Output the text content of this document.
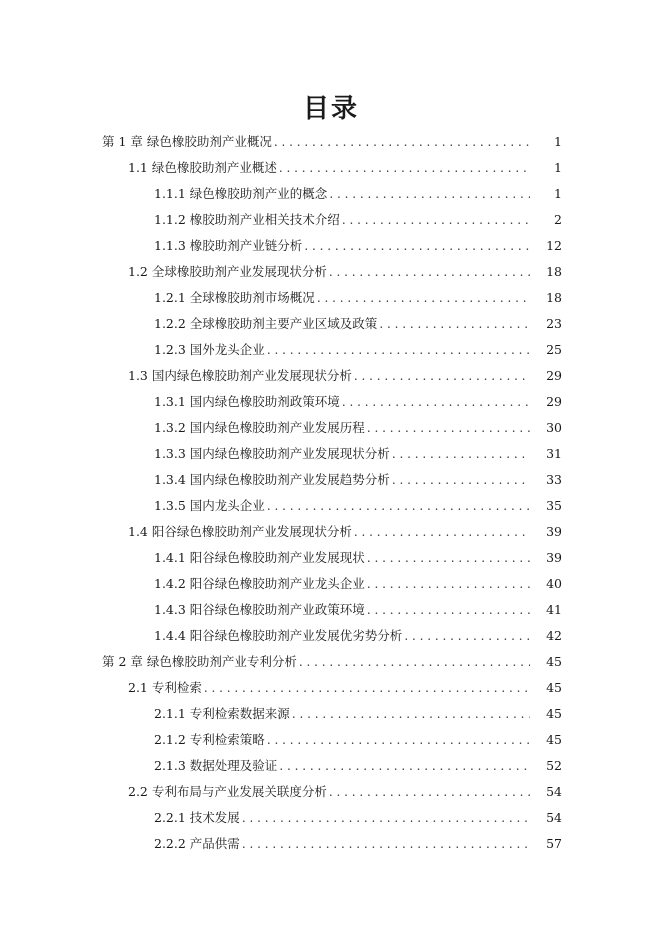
目录
第 1 章 绿色橡胶助剂产业概况 . . .	1
1.1 绿色橡胶助剂产业概述 . . .	1
1.1.1 绿色橡胶助剂产业的概念 . . .	1
1.1.2 橡胶助剂产业相关技术介绍 . . .	2
1.1.3 橡胶助剂产业链分析 . . .	12
1.2 全球橡胶助剂产业发展现状分析 . . .	18
1.2.1 全球橡胶助剂市场概况 . . .	18
1.2.2 全球橡胶助剂主要产业区域及政策 . . .	23
1.2.3 国外龙头企业 . . .	25
1.3 国内绿色橡胶助剂产业发展现状分析 . . .	29
1.3.1 国内绿色橡胶助剂政策环境 . . .	29
1.3.2 国内绿色橡胶助剂产业发展历程 . . .	30
1.3.3 国内绿色橡胶助剂产业发展现状分析 . . .	31
1.3.4 国内绿色橡胶助剂产业发展趋势分析 . . .	33
1.3.5 国内龙头企业 . . .	35
1.4 阳谷绿色橡胶助剂产业发展现状分析 . . .	39
1.4.1 阳谷绿色橡胶助剂产业发展现状 . . .	39
1.4.2 阳谷绿色橡胶助剂产业龙头企业 . . .	40
1.4.3 阳谷绿色橡胶助剂产业政策环境 . . .	41
1.4.4 阳谷绿色橡胶助剂产业发展优劣势分析 . . .	42
第 2 章 绿色橡胶助剂产业专利分析 . . .	45
2.1 专利检索 . . .	45
2.1.1 专利检索数据来源 . . .	45
2.1.2 专利检索策略 . . .	45
2.1.3 数据处理及验证 . . .	52
2.2 专利布局与产业发展关联度分析 . . .	54
2.2.1 技术发展 . . .	54
2.2.2 产品供需 . . .	57
